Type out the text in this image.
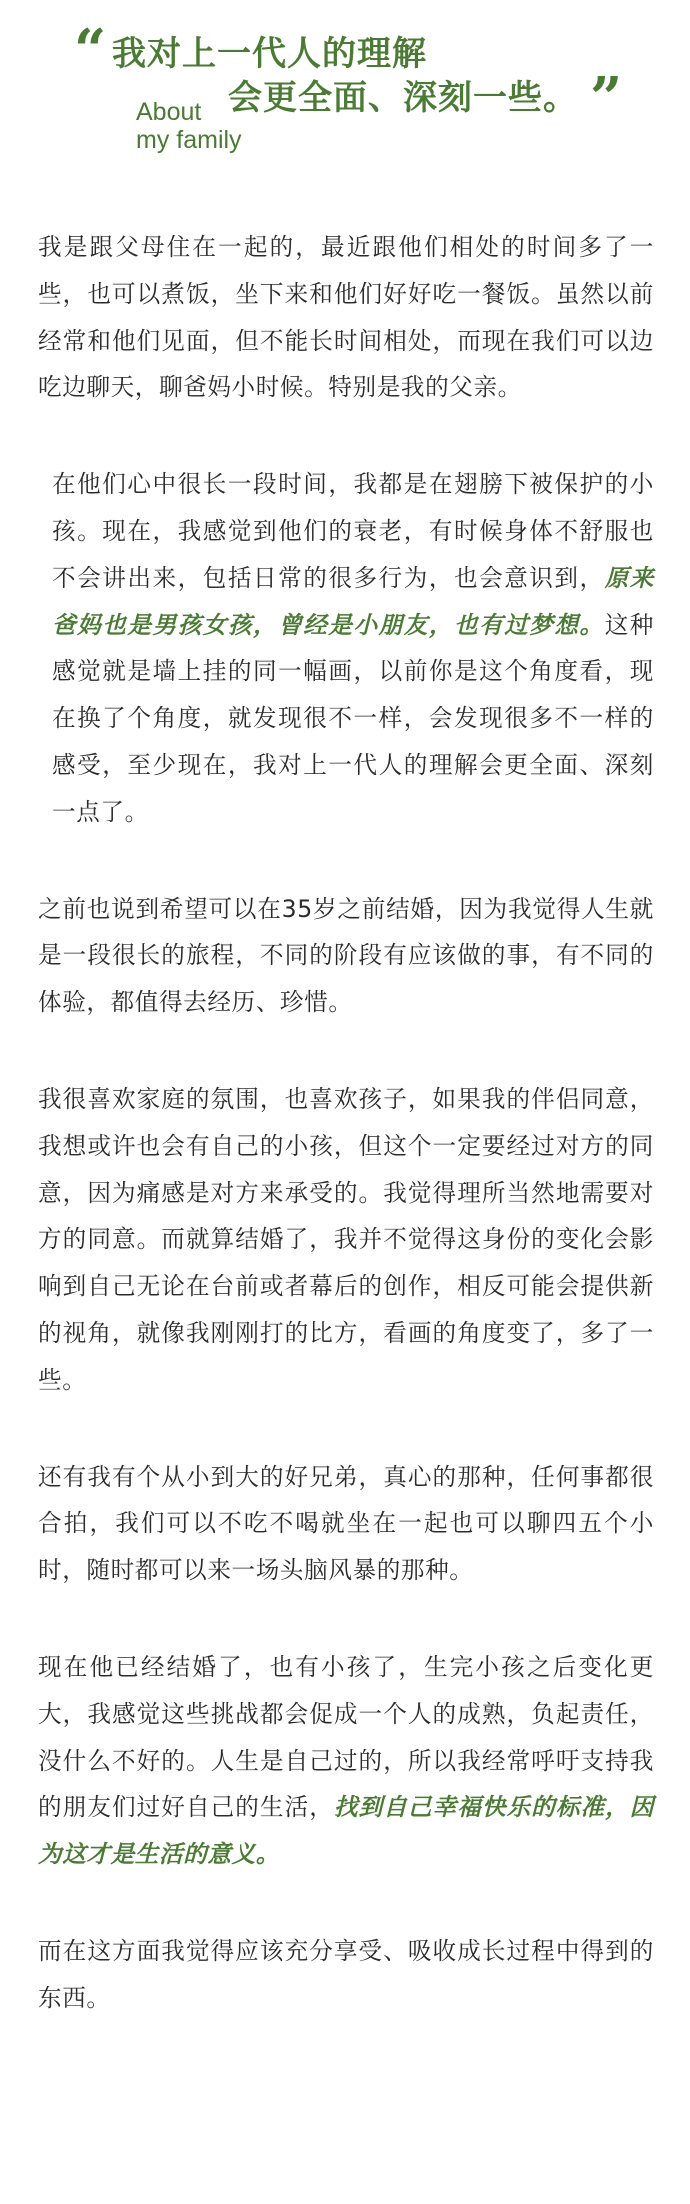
“ 我对上一代人的理解
会更全面、深刻一些。 ”
About
my family

我是跟父母住在一起的，最近跟他们相处的时间多了一些，也可以煮饭，坐下来和他们好好吃一餐饭。虽然以前经常和他们见面，但不能长时间相处，而现在我们可以边吃边聊天，聊爸妈小时候。特别是我的父亲。

在他们心中很长一段时间，我都是在翅膀下被保护的小孩。现在，我感觉到他们的衰老，有时候身体不舒服也不会讲出来，包括日常的很多行为，也会意识到，原来爸妈也是男孩女孩，曾经是小朋友，也有过梦想。这种感觉就是墙上挂的同一幅画，以前你是这个角度看，现在换了个角度，就发现很不一样，会发现很多不一样的感受，至少现在，我对上一代人的理解会更全面、深刻一点了。

之前也说到希望可以在35岁之前结婚，因为我觉得人生就是一段很长的旅程，不同的阶段有应该做的事，有不同的体验，都值得去经历、珍惜。

我很喜欢家庭的氛围，也喜欢孩子，如果我的伴侣同意，我想或许也会有自己的小孩，但这个一定要经过对方的同意，因为痛感是对方来承受的。我觉得理所当然地需要对方的同意。而就算结婚了，我并不觉得这身份的变化会影响到自己无论在台前或者幕后的创作，相反可能会提供新的视角，就像我刚刚打的比方，看画的角度变了，多了一些。

还有我有个从小到大的好兄弟，真心的那种，任何事都很合拍，我们可以不吃不喝就坐在一起也可以聊四五个小时，随时都可以来一场头脑风暴的那种。

现在他已经结婚了，也有小孩了，生完小孩之后变化更大，我感觉这些挑战都会促成一个人的成熟，负起责任，没什么不好的。人生是自己过的，所以我经常呼吁支持我的朋友们过好自己的生活，找到自己幸福快乐的标准，因为这才是生活的意义。

而在这方面我觉得应该充分享受、吸收成长过程中得到的东西。
